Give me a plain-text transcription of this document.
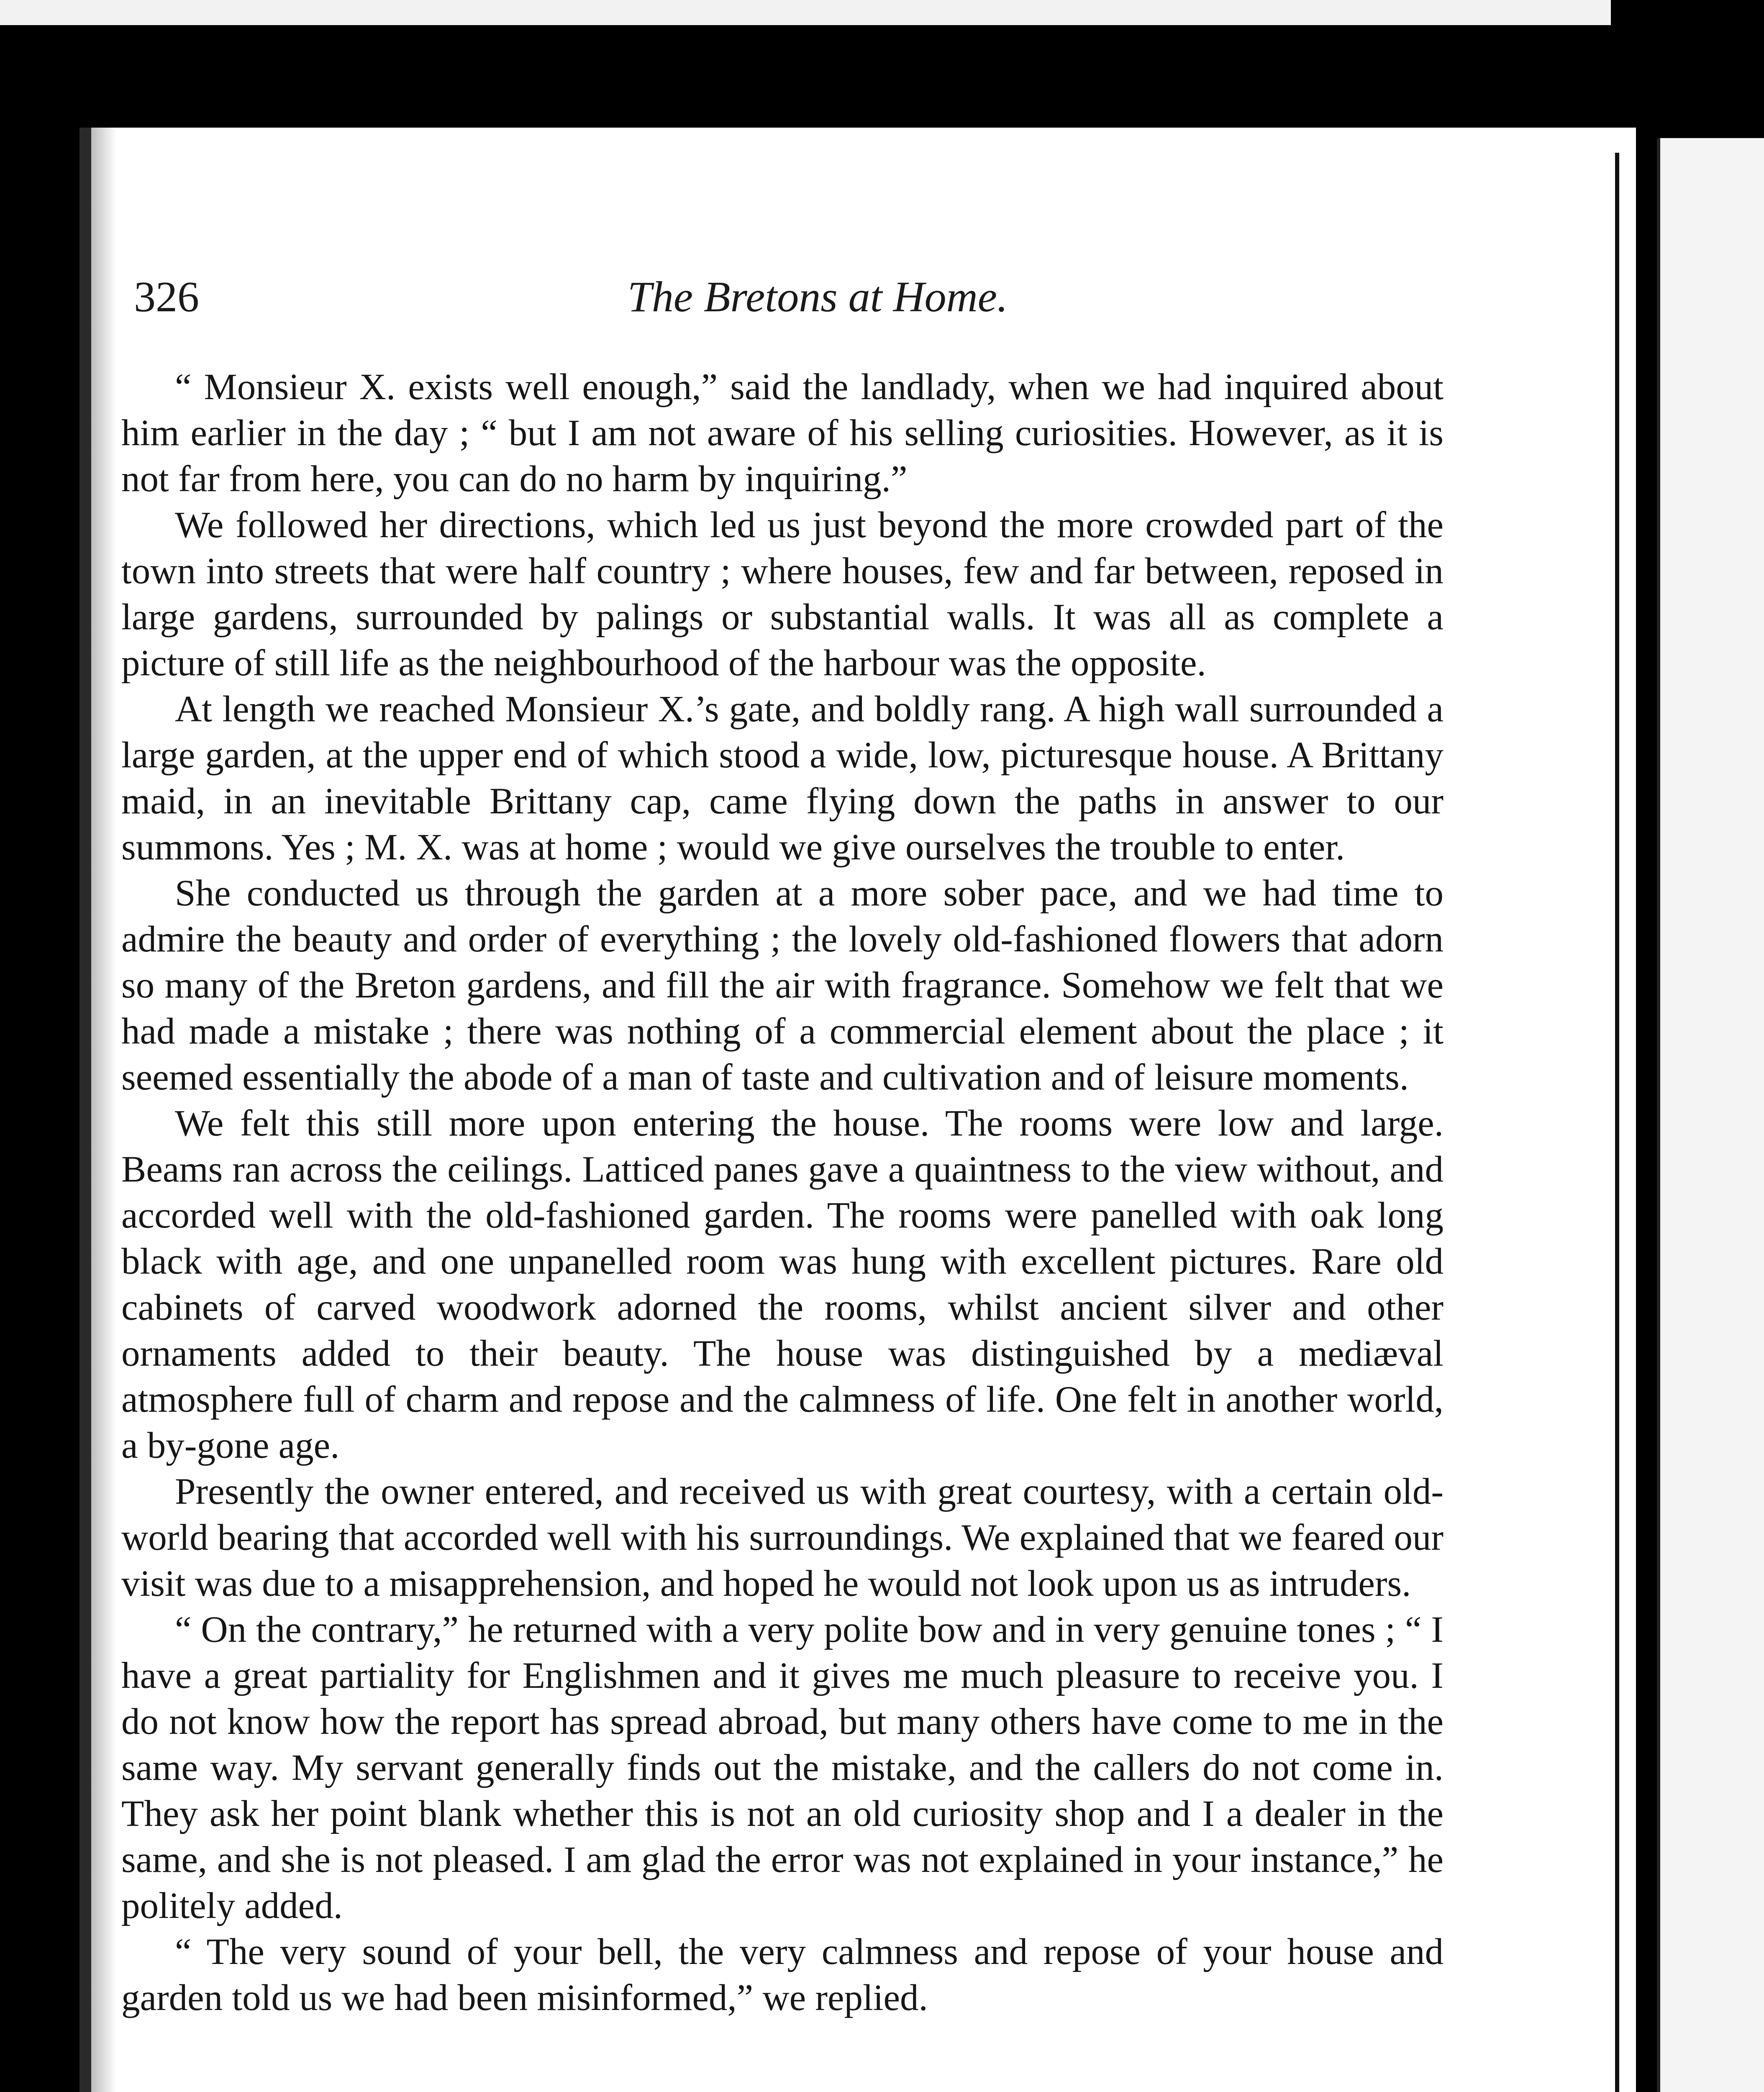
326	The Bretons at Home.

“ Monsieur X. exists well enough,” said the landlady, when we had inquired about him earlier in the day ; “ but I am not aware of his selling curiosities. However, as it is not far from here, you can do no harm by inquiring.”

We followed her directions, which led us just beyond the more crowded part of the town into streets that were half country ; where houses, few and far between, reposed in large gardens, surrounded by palings or substantial walls. It was all as complete a picture of still life as the neighbourhood of the harbour was the opposite.

At length we reached Monsieur X.’s gate, and boldly rang. A high wall surrounded a large garden, at the upper end of which stood a wide, low, picturesque house. A Brittany maid, in an inevitable Brittany cap, came flying down the paths in answer to our summons. Yes ; M. X. was at home ; would we give ourselves the trouble to enter.

She conducted us through the garden at a more sober pace, and we had time to admire the beauty and order of everything ; the lovely old-fashioned flowers that adorn so many of the Breton gardens, and fill the air with fragrance. Somehow we felt that we had made a mistake ; there was nothing of a commercial element about the place ; it seemed essentially the abode of a man of taste and cultivation and of leisure moments.

We felt this still more upon entering the house. The rooms were low and large. Beams ran across the ceilings. Latticed panes gave a quaintness to the view without, and accorded well with the old-fashioned garden. The rooms were panelled with oak long black with age, and one unpanelled room was hung with excellent pictures. Rare old cabinets of carved woodwork adorned the rooms, whilst ancient silver and other ornaments added to their beauty. The house was distinguished by a mediæval atmosphere full of charm and repose and the calmness of life. One felt in another world, a by-gone age.

Presently the owner entered, and received us with great courtesy, with a certain old-world bearing that accorded well with his surroundings. We explained that we feared our visit was due to a misapprehension, and hoped he would not look upon us as intruders.

“ On the contrary,” he returned with a very polite bow and in very genuine tones ; “ I have a great partiality for Englishmen and it gives me much pleasure to receive you. I do not know how the report has spread abroad, but many others have come to me in the same way. My servant generally finds out the mistake, and the callers do not come in. They ask her point blank whether this is not an old curiosity shop and I a dealer in the same, and she is not pleased. I am glad the error was not explained in your instance,” he politely added.

“ The very sound of your bell, the very calmness and repose of your house and garden told us we had been misinformed,” we replied.
